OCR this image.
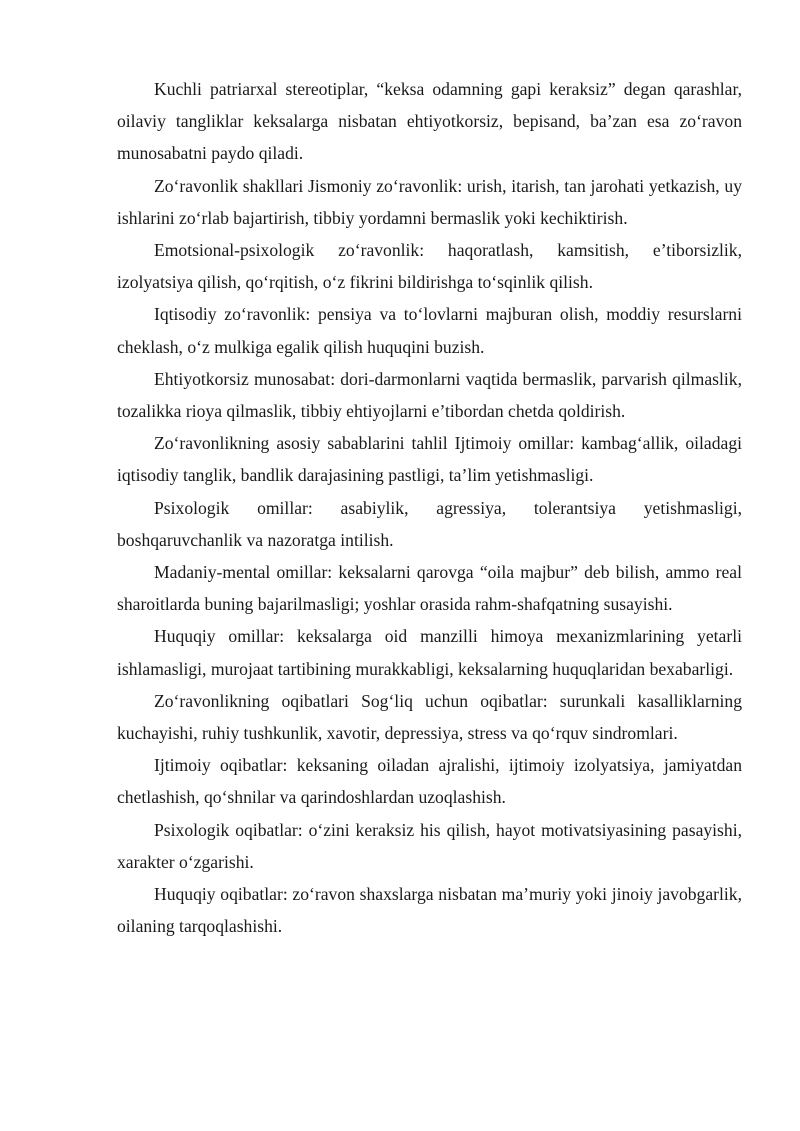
Kuchli patriarxal stereotiplar, “keksa odamning gapi keraksiz” degan qarashlar, oilaviy tangliklar keksalarga nisbatan ehtiyotkorsiz, bepisand, ba’zan esa zo‘ravon munosabatni paydo qiladi.

Zo‘ravonlik shakllari Jismoniy zo‘ravonlik: urish, itarish, tan jarohati yetkazish, uy ishlarini zo‘rlab bajartirish, tibbiy yordamni bermaslik yoki kechiktirish.

Emotsional-psixologik zo‘ravonlik: haqoratlash, kamsitish, e’tiborsizlik, izolyatsiya qilish, qo‘rqitish, o‘z fikrini bildirishga to‘sqinlik qilish.

Iqtisodiy zo‘ravonlik: pensiya va to‘lovlarni majburan olish, moddiy resurslarni cheklash, o‘z mulkiga egalik qilish huquqini buzish.

Ehtiyotkorsiz munosabat: dori-darmonlarni vaqtida bermaslik, parvarish qilmaslik, tozalikka rioya qilmaslik, tibbiy ehtiyojlarni e’tibordan chetda qoldirish.

Zo‘ravonlikning asosiy sabablarini tahlil Ijtimoiy omillar: kambag‘allik, oiladagi iqtisodiy tanglik, bandlik darajasining pastligi, ta’lim yetishmasligi.

Psixologik omillar: asabiylik, agressiya, tolerantsiya yetishmasligi, boshqaruvchanlik va nazoratga intilish.

Madaniy-mental omillar: keksalarni qarovga “oila majbur” deb bilish, ammo real sharoitlarda buning bajarilmasligi; yoshlar orasida rahm-shafqatning susayishi.

Huquqiy omillar: keksalarga oid manzilli himoya mexanizmlarining yetarli ishlamasligi, murojaat tartibining murakkabligi, keksalarning huquqlaridan bexabarligi.

Zo‘ravonlikning oqibatlari Sog‘liq uchun oqibatlar: surunkali kasalliklarning kuchayishi, ruhiy tushkunlik, xavotir, depressiya, stress va qo‘rquv sindromlari.

Ijtimoiy oqibatlar: keksaning oiladan ajralishi, ijtimoiy izolyatsiya, jamiyatdan chetlashish, qo‘shnilar va qarindoshlardan uzoqlashish.

Psixologik oqibatlar: o‘zini keraksiz his qilish, hayot motivatsiyasining pasayishi, xarakter o‘zgarishi.

Huquqiy oqibatlar: zo‘ravon shaxslarga nisbatan ma’muriy yoki jinoiy javobgarlik, oilaning tarqoqlashishi.
